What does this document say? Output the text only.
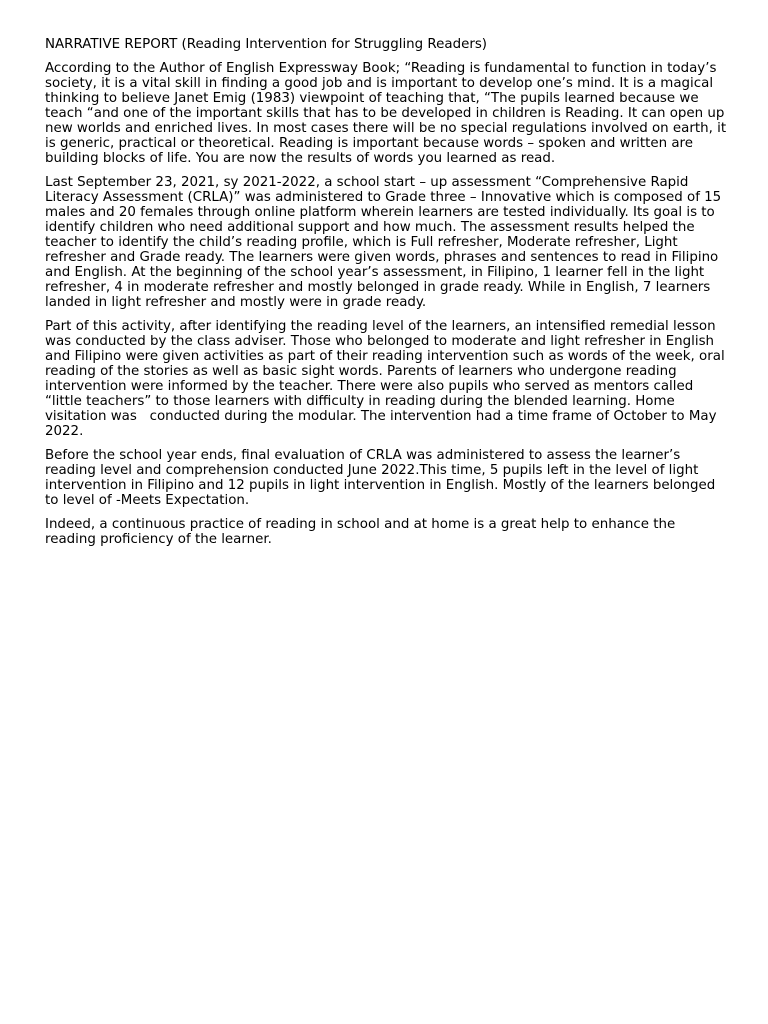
NARRATIVE REPORT (Reading Intervention for Struggling Readers)

According to the Author of English Expressway Book; “Reading is fundamental to function in today’s society, it is a vital skill in finding a good job and is important to develop one’s mind. It is a magical thinking to believe Janet Emig (1983) viewpoint of teaching that, “The pupils learned because we teach “and one of the important skills that has to be developed in children is Reading. It can open up new worlds and enriched lives. In most cases there will be no special regulations involved on earth, it is generic, practical or theoretical. Reading is important because words – spoken and written are building blocks of life. You are now the results of words you learned as read.

Last September 23, 2021, sy 2021-2022, a school start – up assessment “Comprehensive Rapid Literacy Assessment (CRLA)” was administered to Grade three – Innovative which is composed of 15 males and 20 females through online platform wherein learners are tested individually. Its goal is to identify children who need additional support and how much. The assessment results helped the teacher to identify the child’s reading profile, which is Full refresher, Moderate refresher, Light refresher and Grade ready. The learners were given words, phrases and sentences to read in Filipino and English. At the beginning of the school year’s assessment, in Filipino, 1 learner fell in the light refresher, 4 in moderate refresher and mostly belonged in grade ready. While in English, 7 learners landed in light refresher and mostly were in grade ready.

Part of this activity, after identifying the reading level of the learners, an intensified remedial lesson was conducted by the class adviser. Those who belonged to moderate and light refresher in English and Filipino were given activities as part of their reading intervention such as words of the week, oral reading of the stories as well as basic sight words. Parents of learners who undergone reading intervention were informed by the teacher. There were also pupils who served as mentors called “little teachers” to those learners with difficulty in reading during the blended learning. Home visitation was   conducted during the modular. The intervention had a time frame of October to May 2022.

Before the school year ends, final evaluation of CRLA was administered to assess the learner’s reading level and comprehension conducted June 2022.This time, 5 pupils left in the level of light intervention in Filipino and 12 pupils in light intervention in English. Mostly of the learners belonged to level of -Meets Expectation.

Indeed, a continuous practice of reading in school and at home is a great help to enhance the reading proficiency of the learner.
